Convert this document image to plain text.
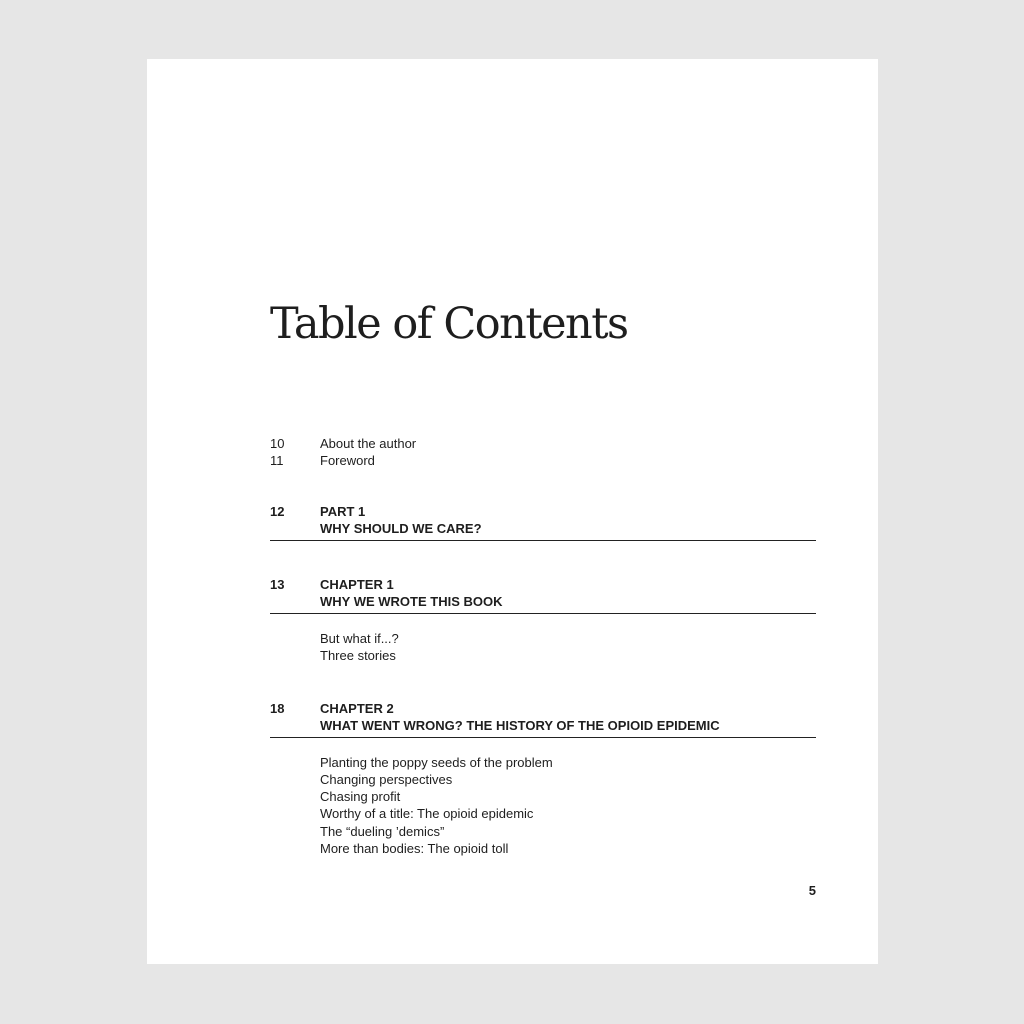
Table of Contents
10	About the author
11	Foreword
12	PART 1
WHY SHOULD WE CARE?
13	CHAPTER 1
WHY WE WROTE THIS BOOK
But what if...?
Three stories
18	CHAPTER 2
WHAT WENT WRONG? THE HISTORY OF THE OPIOID EPIDEMIC
Planting the poppy seeds of the problem
Changing perspectives
Chasing profit
Worthy of a title: The opioid epidemic
The “dueling ’demics”
More than bodies: The opioid toll
5
